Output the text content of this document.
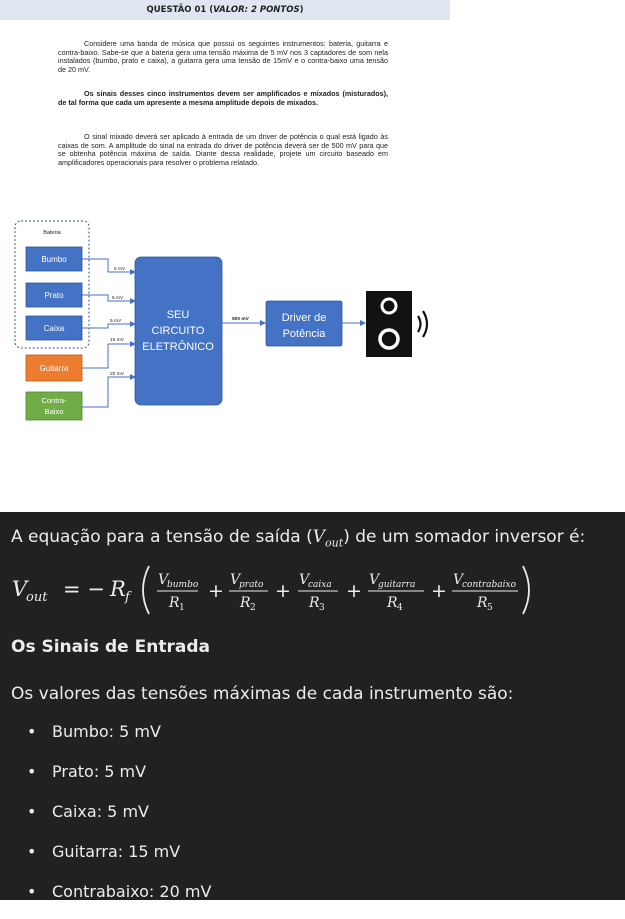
QUESTÃO 01 (VALOR: 2 PONTOS)

Considere uma banda de música que possui os seguintes instrumentos: bateria, guitarra e contra-baixo. Sabe-se que a bateria gera uma tensão máxima de 5 mV nos 3 captadores de som nela instalados (bumbo, prato e caixa), a guitarra gera uma tensão de 15mV e o contra-baixo uma tensão de 20 mV.

Os sinais desses cinco instrumentos devem ser amplificados e mixados (misturados), de tal forma que cada um apresente a mesma amplitude depois de mixados.

O sinal mixado deverá ser aplicado à entrada de um driver de potência o qual está ligado às caixas de som. A amplitude do sinal na entrada do driver de potência deverá ser de 500 mV para que se obtenha potência máxima de saída. Diante dessa realidade, projete um circuito baseado em amplificadores operacionais para resolver o problema relatado.

Bateria
Bumbo
Prato
Caixa
Guitarra
Contra-
Baixo
5 mV
5 mV
5 mV
15 mV
20 mV
500 mV
SEU
CIRCUITO
ELETRÔNICO
Driver de
Potência

A equação para a tensão de saída $(V_{out})$ de um somador inversor é:

V
out = − R f
V
bumbo
R 1
+ V
prato
R 2
+ V
caixa
R 3
+ V
guitarra
R 4
+ V
contrabaixo
R 5

Os Sinais de Entrada

Os valores das tensões máximas de cada instrumento são:

• Bumbo: 5 mV
• Prato: 5 mV
• Caixa: 5 mV
• Guitarra: 15 mV
• Contrabaixo: 20 mV
